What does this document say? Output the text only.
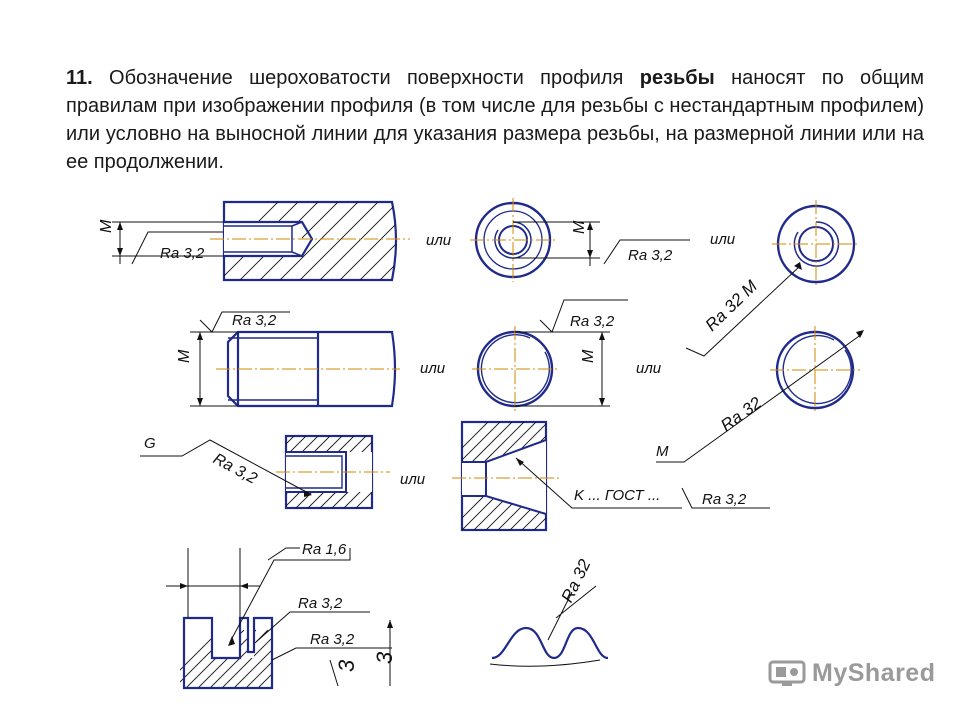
11. Обозначение шероховатости поверхности профиля резьбы наносят по общим правилам при изображении профиля (в том числе для резьбы с нестандартным профилем) или условно на выносной линии для указания размера резьбы, на размерной линии или на ее продолжении.
M
Ra 3,2
или
M
Ra 3,2
или
Ra 32 M
Ra 3,2
M
или
Ra 3,2
M
или
Ra 32
M
G
Ra 3,2	или
K ... ГОСТ ...	Ra 3,2
Ra 1,6
Ra 3,2
Ra 3,2
3
3
Ra 32
MyShared
